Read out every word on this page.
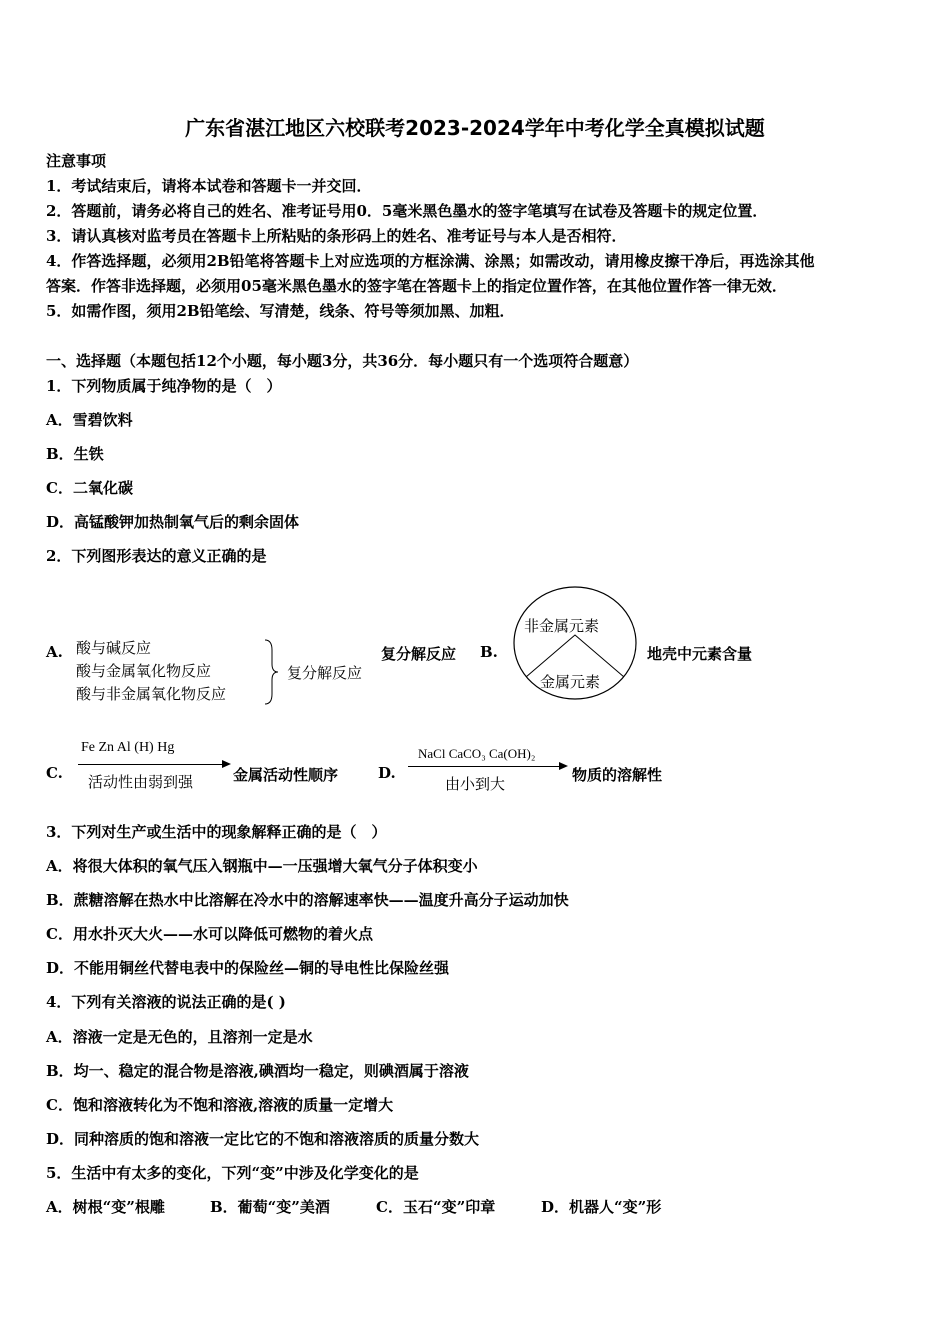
广东省湛江地区六校联考2023-2024学年中考化学全真模拟试题
注意事项
1．考试结束后，请将本试卷和答题卡一并交回．
2．答题前，请务必将自己的姓名、准考证号用0．5毫米黑色墨水的签字笔填写在试卷及答题卡的规定位置．
3．请认真核对监考员在答题卡上所粘贴的条形码上的姓名、准考证号与本人是否相符．
4．作答选择题，必须用2B铅笔将答题卡上对应选项的方框涂满、涂黑；如需改动，请用橡皮擦干净后，再选涂其他
答案．作答非选择题，必须用05毫米黑色墨水的签字笔在答题卡上的指定位置作答，在其他位置作答一律无效．
5．如需作图，须用2B铅笔绘、写清楚，线条、符号等须加黑、加粗．
一、选择题（本题包括12个小题，每小题3分，共36分．每小题只有一个选项符合题意）
1．下列物质属于纯净物的是（　）
A．雪碧饮料
B．生铁
C．二氧化碳
D．高锰酸钾加热制氧气后的剩余固体
2．下列图形表达的意义正确的是
A. 酸与碱反应
酸与金属氧化物反应
酸与非金属氧化物反应
复分解反应
复分解反应 B.
非金属元素
金属元素
地壳中元素含量
C.
Fe Zn Al (H) Hg
活动性由弱到强	金属活动性顺序	D.
NaCl CaCO₃ Ca(OH)₂
由小到大	物质的溶解性
3．下列对生产或生活中的现象解释正确的是（　）
A．将很大体积的氧气压入钢瓶中—一压强增大氧气分子体积变小
B．蔗糖溶解在热水中比溶解在冷水中的溶解速率快——温度升高分子运动加快
C．用水扑灭大火——水可以降低可燃物的着火点
D．不能用铜丝代替电表中的保险丝—铜的导电性比保险丝强
4．下列有关溶液的说法正确的是( )
A．溶液一定是无色的，且溶剂一定是水
B．均一、稳定的混合物是溶液,碘酒均一稳定，则碘酒属于溶液
C．饱和溶液转化为不饱和溶液,溶液的质量一定增大
D．同种溶质的饱和溶液一定比它的不饱和溶液溶质的质量分数大
5．生活中有太多的变化，下列“变”中涉及化学变化的是
A．树根“变”根雕	B．葡萄“变”美酒	C．玉石“变”印章	D．机器人“变”形
